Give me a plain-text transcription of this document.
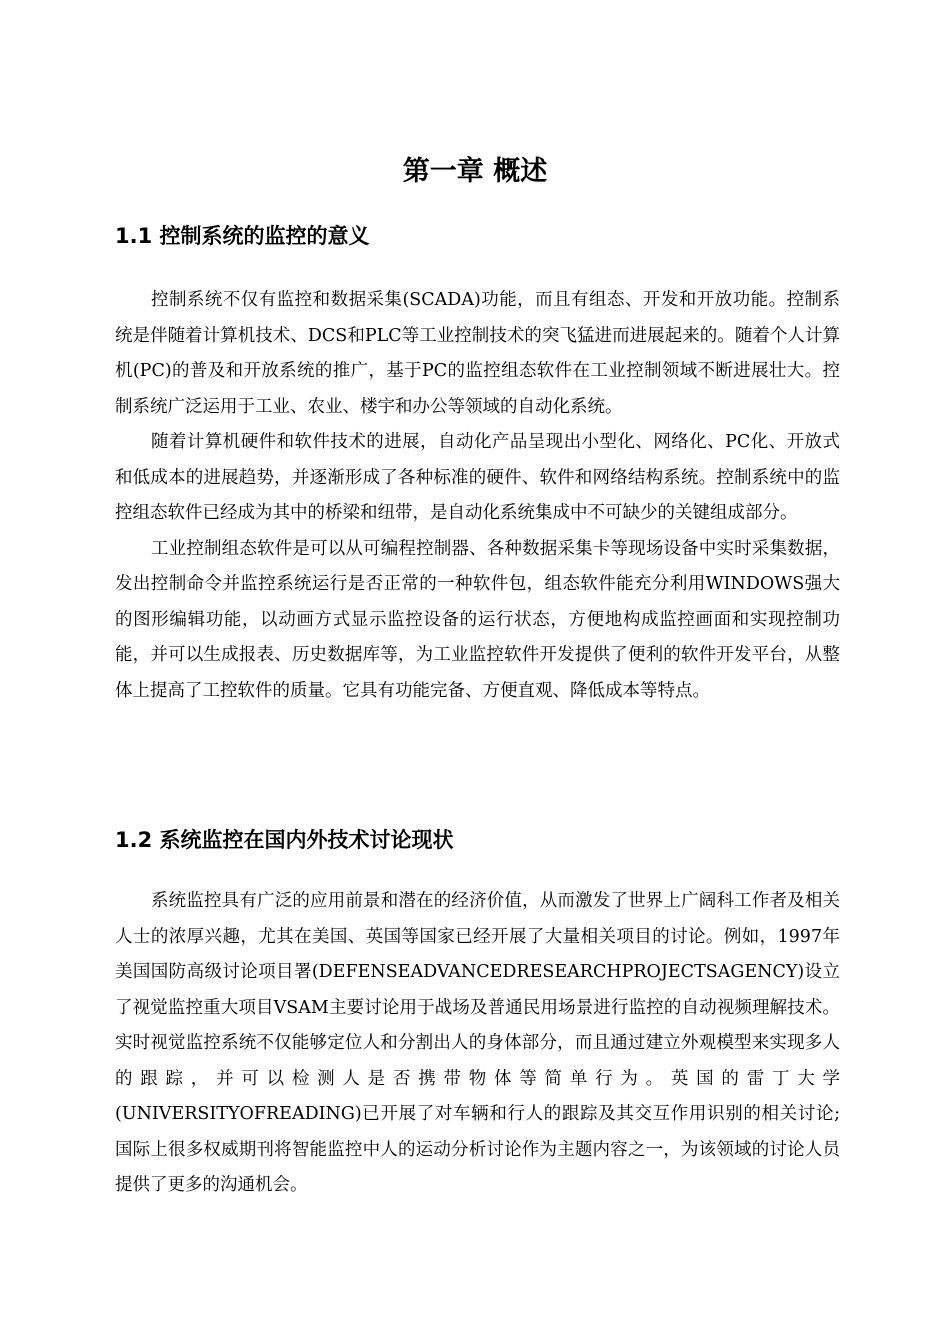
第一章 概述
1.1 控制系统的监控的意义

控制系统不仅有监控和数据采集(SCADA)功能，而且有组态、开发和开放功能。控制系统是伴随着计算机技术、DCS和PLC等工业控制技术的突飞猛进而进展起来的。随着个人计算机(PC)的普及和开放系统的推广，基于PC的监控组态软件在工业控制领域不断进展壮大。控制系统广泛运用于工业、农业、楼宇和办公等领域的自动化系统。

随着计算机硬件和软件技术的进展，自动化产品呈现出小型化、网络化、PC化、开放式和低成本的进展趋势，并逐渐形成了各种标准的硬件、软件和网络结构系统。控制系统中的监控组态软件已经成为其中的桥梁和纽带，是自动化系统集成中不可缺少的关键组成部分。

工业控制组态软件是可以从可编程控制器、各种数据采集卡等现场设备中实时采集数据，发出控制命令并监控系统运行是否正常的一种软件包，组态软件能充分利用WINDOWS强大的图形编辑功能，以动画方式显示监控设备的运行状态，方便地构成监控画面和实现控制功能，并可以生成报表、历史数据库等，为工业监控软件开发提供了便利的软件开发平台，从整体上提高了工控软件的质量。它具有功能完备、方便直观、降低成本等特点。

1.2 系统监控在国内外技术讨论现状

系统监控具有广泛的应用前景和潜在的经济价值，从而激发了世界上广阔科工作者及相关人士的浓厚兴趣，尤其在美国、英国等国家已经开展了大量相关项目的讨论。例如，1997年美国国防高级讨论项目署(DEFENSEADVANCEDRESEARCHPROJECTSAGENCY)设立了视觉监控重大项目VSAM主要讨论用于战场及普通民用场景进行监控的自动视频理解技术。实时视觉监控系统不仅能够定位人和分割出人的身体部分，而且通过建立外观模型来实现多人的跟踪，并可以检测人是否携带物体等简单行为。英国的雷丁大学(UNIVERSITYOFREADING)已开展了对车辆和行人的跟踪及其交互作用识别的相关讨论;国际上很多权威期刊将智能监控中人的运动分析讨论作为主题内容之一，为该领域的讨论人员提供了更多的沟通机会。
